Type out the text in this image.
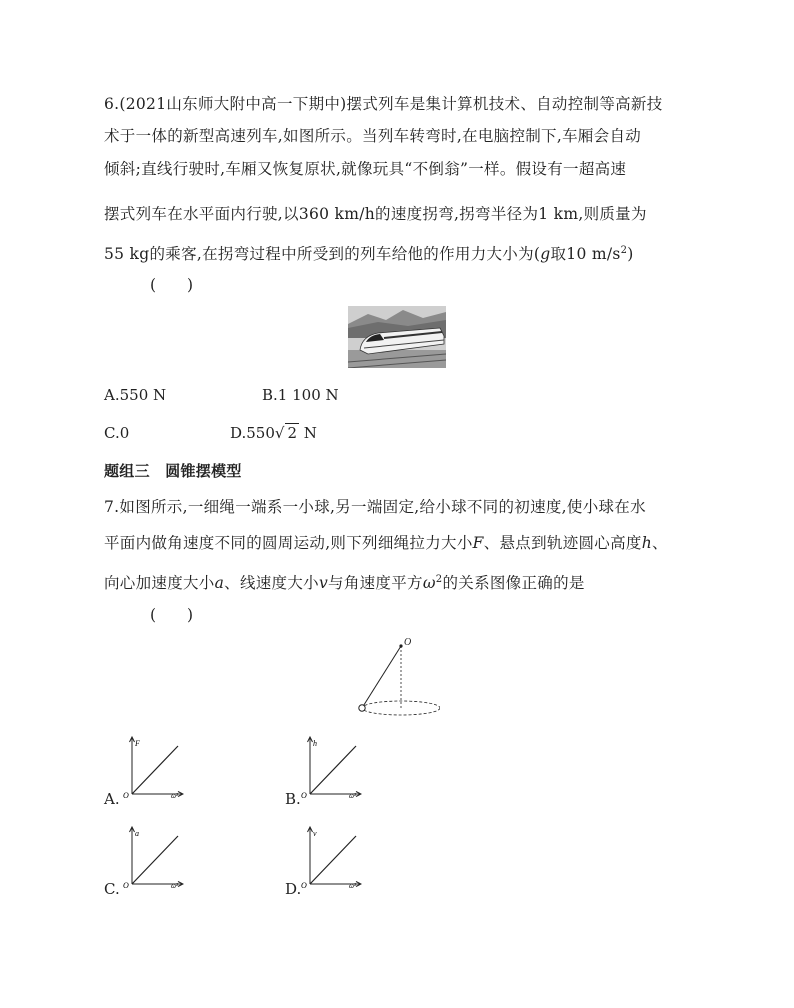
6.(2021山东师大附中高一下期中)摆式列车是集计算机技术、自动控制等高新技
术于一体的新型高速列车,如图所示。当列车转弯时,在电脑控制下,车厢会自动
倾斜;直线行驶时,车厢又恢复原状,就像玩具“不倒翁”一样。假设有一超高速
摆式列车在水平面内行驶,以360 km/h的速度拐弯,拐弯半径为1 km,则质量为
55 kg的乘客,在拐弯过程中所受到的列车给他的作用力大小为(g取10 $m/s^2$)
(  )
A.550 N	B.1 100 N
C.0	D.550√ 2 N
题组三 圆锥摆模型
7.如图所示,一细绳一端系一小球,另一端固定,给小球不同的初速度,使小球在水
平面内做角速度不同的圆周运动,则下列细绳拉力大小F、悬点到轨迹圆心高度h、
向心加速度大小a、线速度大小v与角速度平方$\omega^2$的关系图像正确的是
(  )
O
A.
F
O	ω²	B.
h
O	ω²
C.
a
O	ω²	D.
v
O	ω²
